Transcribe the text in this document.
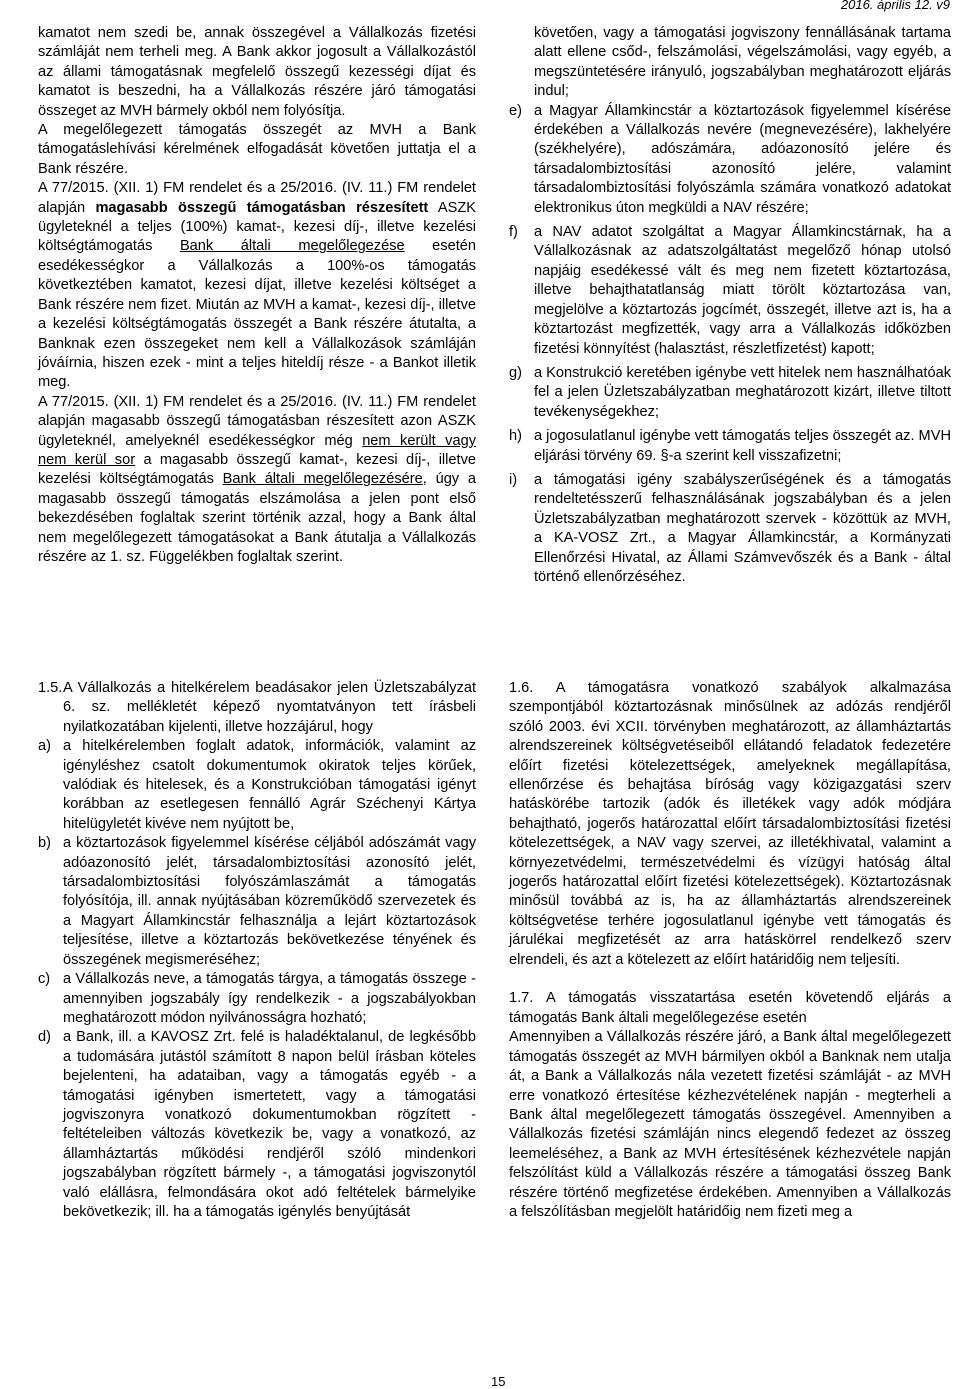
2016. április 12. v9

kamatot nem szedi be, annak összegével a Vállalkozás fizetési számláját nem terheli meg. A Bank akkor jogosult a Vállalkozástól az állami támogatásnak megfelelő összegű kezességi díjat és kamatot is beszedni, ha a Vállalkozás részére járó támogatási összeget az MVH bármely okból nem folyósítja.

A megelőlegezett támogatás összegét az MVH a Bank támogatáslehívási kérelmének elfogadását követően juttatja el a Bank részére.

A 77/2015. (XII. 1) FM rendelet és a 25/2016. (IV. 11.) FM rendelet alapján magasabb összegű támogatásban részesített ASZK ügyleteknél a teljes (100%) kamat-, kezesi díj-, illetve kezelési költségtámogatás Bank általi megelőlegezése esetén esedékességkor a Vállalkozás a 100%-os támogatás következtében kamatot, kezesi díjat, illetve kezelési költséget a Bank részére nem fizet. Miután az MVH a kamat-, kezesi díj-, illetve a kezelési költségtámogatás összegét a Bank részére átutalta, a Banknak ezen összegeket nem kell a Vállalkozások számláján jóváírnia, hiszen ezek - mint a teljes hiteldíj része - a Bankot illetik meg.

A 77/2015. (XII. 1) FM rendelet és a 25/2016. (IV. 11.) FM rendelet alapján magasabb összegű támogatásban részesített azon ASZK ügyleteknél, amelyeknél esedékességkor még nem került vagy nem kerül sor a magasabb összegű kamat-, kezesi díj-, illetve kezelési költségtámogatás Bank általi megelőlegezésére, úgy a magasabb összegű támogatás elszámolása a jelen pont első bekezdésében foglaltak szerint történik azzal, hogy a Bank által nem megelőlegezett támogatásokat a Bank átutalja a Vállalkozás részére az 1. sz. Függelékben foglaltak szerint.

1.5. A Vállalkozás a hitelkérelem beadásakor jelen Üzletszabályzat 6. sz. mellékletét képező nyomtatványon tett írásbeli nyilatkozatában kijelenti, illetve hozzájárul, hogy

a) a hitelkérelemben foglalt adatok, információk, valamint az igényléshez csatolt dokumentumok okiratok teljes körűek, valódiak és hitelesek, és a Konstrukcióban támogatási igényt korábban az esetlegesen fennálló Agrár Széchenyi Kártya hitelügyletét kivéve nem nyújtott be,

b) a köztartozások figyelemmel kísérése céljából adószámát vagy adóazonosító jelét, társadalombiztosítási azonosító jelét, társadalombiztosítási folyószámlaszámát a támogatás folyósítója, ill. annak nyújtásában közreműködő szervezetek és a Magyart Államkincstár felhasználja a lejárt köztartozások teljesítése, illetve a köztartozás bekövetkezése tényének és összegének megismeréséhez;

c) a Vállalkozás neve, a támogatás tárgya, a támogatás összege - amennyiben jogszabály így rendelkezik - a jogszabályokban meghatározott módon nyilvánosságra hozható;

d) a Bank, ill. a KAVOSZ Zrt. felé is haladéktalanul, de legkésőbb a tudomására jutástól számított 8 napon belül írásban köteles bejelenteni, ha adataiban, vagy a támogatás egyéb - a támogatási igényben ismertetett, vagy a támogatási jogviszonyra vonatkozó dokumentumokban rögzített - feltételeiben változás következik be, vagy a vonatkozó, az államháztartás működési rendjéről szóló mindenkori jogszabályban rögzített bármely -, a támogatási jogviszonytól való elállásra, felmondására okot adó feltételek bármelyike bekövetkezik; ill. ha a támogatás igénylés benyújtását

követően, vagy a támogatási jogviszony fennállásának tartama alatt ellene csőd-, felszámolási, végelszámolási, vagy egyéb, a megszüntetésére irányuló, jogszabályban meghatározott eljárás indul;

e) a Magyar Államkincstár a köztartozások figyelemmel kísérése érdekében a Vállalkozás nevére (megnevezésére), lakhelyére (székhelyére), adószámára, adóazonosító jelére és társadalombiztosítási azonosító jelére, valamint társadalombiztosítási folyószámla számára vonatkozó adatokat elektronikus úton megküldi a NAV részére;

f) a NAV adatot szolgáltat a Magyar Államkincstárnak, ha a Vállalkozásnak az adatszolgáltatást megelőző hónap utolsó napjáig esedékessé vált és meg nem fizetett köztartozása, illetve behajthatatlanság miatt törölt köztartozása van, megjelölve a köztartozás jogcímét, összegét, illetve azt is, ha a köztartozást megfizették, vagy arra a Vállalkozás időközben fizetési könnyítést (halasztást, részletfizetést) kapott;

g) a Konstrukció keretében igénybe vett hitelek nem használhatóak fel a jelen Üzletszabályzatban meghatározott kizárt, illetve tiltott tevékenységekhez;

h) a jogosulatlanul igénybe vett támogatás teljes összegét az. MVH eljárási törvény 69. §-a szerint kell visszafizetni;

i) a támogatási igény szabályszerűségének és a támogatás rendeltetésszerű felhasználásának jogszabályban és a jelen Üzletszabályzatban meghatározott szervek - közöttük az MVH, a KA-VOSZ Zrt., a Magyar Államkincstár, a Kormányzati Ellenőrzési Hivatal, az Állami Számvevőszék és a Bank - által történő ellenőrzéséhez.

1.6. A támogatásra vonatkozó szabályok alkalmazása szempontjából köztartozásnak minősülnek az adózás rendjéről szóló 2003. évi XCII. törvényben meghatározott, az államháztartás alrendszereinek költségvetéseiből ellátandó feladatok fedezetére előírt fizetési kötelezettségek, amelyeknek megállapítása, ellenőrzése és behajtása bíróság vagy közigazgatási szerv hatáskörébe tartozik (adók és illetékek vagy adók módjára behajtható, jogerős határozattal előírt társadalombiztosítási fizetési kötelezettségek, a NAV vagy szervei, az illetékhivatal, valamint a környezetvédelmi, természetvédelmi és vízügyi hatóság által jogerős határozattal előírt fizetési kötelezettségek). Köztartozásnak minősül továbbá az is, ha az államháztartás alrendszereinek költségvetése terhére jogosulatlanul igénybe vett támogatás és járulékai megfizetését az arra hatáskörrel rendelkező szerv elrendeli, és azt a kötelezett az előírt határidőig nem teljesíti.

1.7. A támogatás visszatartása esetén követendő eljárás a támogatás Bank általi megelőlegezése esetén

Amennyiben a Vállalkozás részére járó, a Bank által megelőlegezett támogatás összegét az MVH bármilyen okból a Banknak nem utalja át, a Bank a Vállalkozás nála vezetett fizetési számláját - az MVH erre vonatkozó értesítése kézhezvételének napján - megterheli a Bank által megelőlegezett támogatás összegével. Amennyiben a Vállalkozás fizetési számláján nincs elegendő fedezet az összeg leemeléséhez, a Bank az MVH értesítésének kézhezvétele napján felszólítást küld a Vállalkozás részére a támogatási összeg Bank részére történő megfizetése érdekében. Amennyiben a Vállalkozás a felszólításban megjelölt határidőig nem fizeti meg a

15
